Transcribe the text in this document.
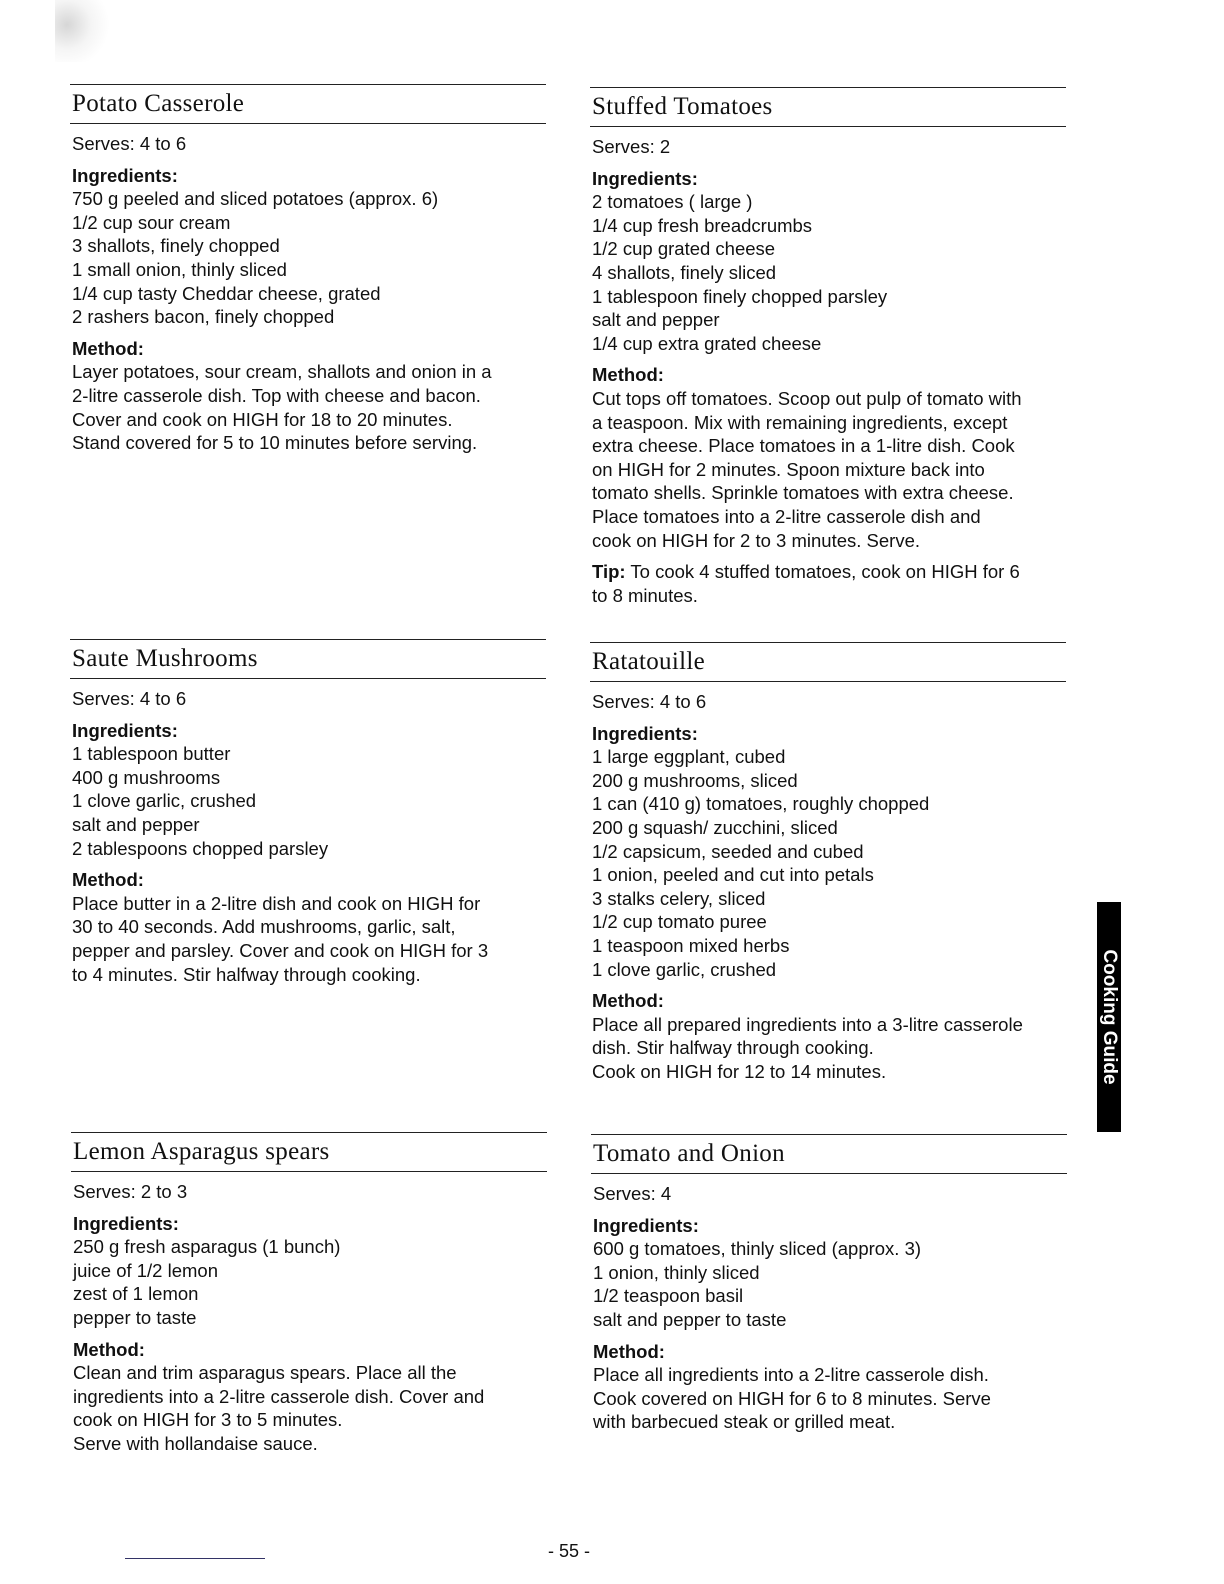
Potato Casserole
Serves: 4 to 6
Ingredients:
750 g peeled and sliced potatoes (approx. 6)
1/2 cup sour cream
3 shallots, finely chopped
1 small onion, thinly sliced
1/4 cup tasty Cheddar cheese, grated
2 rashers bacon, finely chopped
Method:
Layer potatoes, sour cream, shallots and onion in a
2-litre casserole dish. Top with cheese and bacon.
Cover and cook on HIGH for 18 to 20 minutes.
Stand covered for 5 to 10 minutes before serving.
Stuffed Tomatoes
Serves: 2
Ingredients:
2 tomatoes ( large )
1/4 cup fresh breadcrumbs
1/2 cup grated cheese
4 shallots, finely sliced
1 tablespoon finely chopped parsley
salt and pepper
1/4 cup extra grated cheese
Method:
Cut tops off tomatoes. Scoop out pulp of tomato with
a teaspoon. Mix with remaining ingredients, except
extra cheese. Place tomatoes in a 1-litre dish. Cook
on HIGH for 2 minutes. Spoon mixture back into
tomato shells. Sprinkle tomatoes with extra cheese.
Place tomatoes into a 2-litre casserole dish and
cook on HIGH for 2 to 3 minutes. Serve.
Tip: To cook 4 stuffed tomatoes, cook on HIGH for 6
to 8 minutes.
Saute Mushrooms
Serves: 4 to 6
Ingredients:
1 tablespoon butter
400 g mushrooms
1 clove garlic, crushed
salt and pepper
2 tablespoons chopped parsley
Method:
Place butter in a 2-litre dish and cook on HIGH for
30 to 40 seconds. Add mushrooms, garlic, salt,
pepper and parsley. Cover and cook on HIGH for 3
to 4 minutes. Stir halfway through cooking.
Ratatouille
Serves: 4 to 6
Ingredients:
1 large eggplant, cubed
200 g mushrooms, sliced
1 can (410 g) tomatoes, roughly chopped
200 g squash/ zucchini, sliced
1/2 capsicum, seeded and cubed
1 onion, peeled and cut into petals
3 stalks celery, sliced
1/2 cup tomato puree
1 teaspoon mixed herbs
1 clove garlic, crushed
Method:
Place all prepared ingredients into a 3-litre casserole
dish. Stir halfway through cooking.
Cook on HIGH for 12 to 14 minutes.
Lemon Asparagus spears
Serves: 2 to 3
Ingredients:
250 g fresh asparagus (1 bunch)
juice of 1/2 lemon
zest of 1 lemon
pepper to taste
Method:
Clean and trim asparagus spears. Place all the
ingredients into a 2-litre casserole dish. Cover and
cook on HIGH for 3 to 5 minutes.
Serve with hollandaise sauce.
Tomato and Onion
Serves: 4
Ingredients:
600 g tomatoes, thinly sliced (approx. 3)
1 onion, thinly sliced
1/2 teaspoon basil
salt and pepper to taste
Method:
Place all ingredients into a 2-litre casserole dish.
Cook covered on HIGH for 6 to 8 minutes. Serve
with barbecued steak or grilled meat.
Cooking Guide
- 55 -
